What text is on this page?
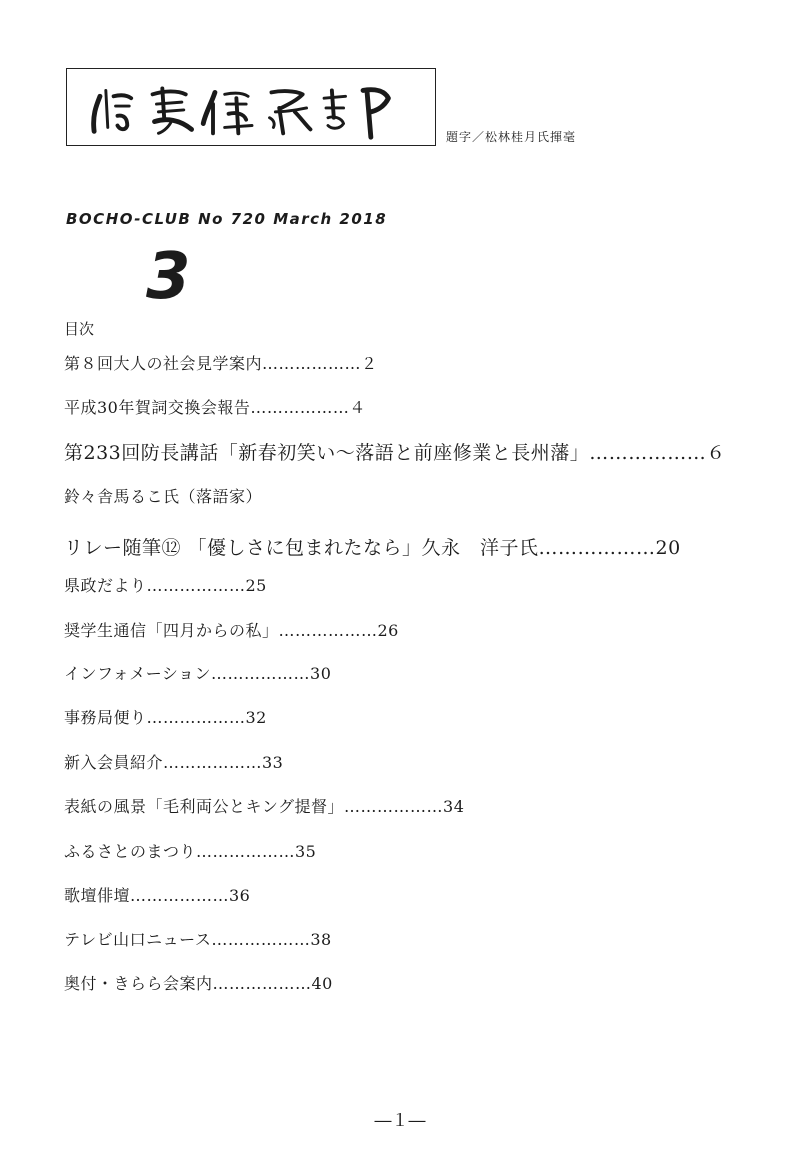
題字／松林桂月氏揮毫
BOCHO-CLUB No 720 March 2018
3
目次
第８回大人の社会見学案内………………２
平成30年賀詞交換会報告………………４
第233回防長講話「新春初笑い～落語と前座修業と長州藩」………………６
鈴々舎馬るこ氏（落語家）
リレー随筆⑫ 「優しさに包まれたなら」久永　洋子氏………………20
県政だより………………25
奨学生通信「四月からの私」………………26
インフォメーション………………30
事務局便り………………32
新入会員紹介………………33
表紙の風景「毛利両公とキング提督」………………34
ふるさとのまつり………………35
歌壇俳壇………………36
テレビ山口ニュース………………38
奥付・きらら会案内………………40
―１―
